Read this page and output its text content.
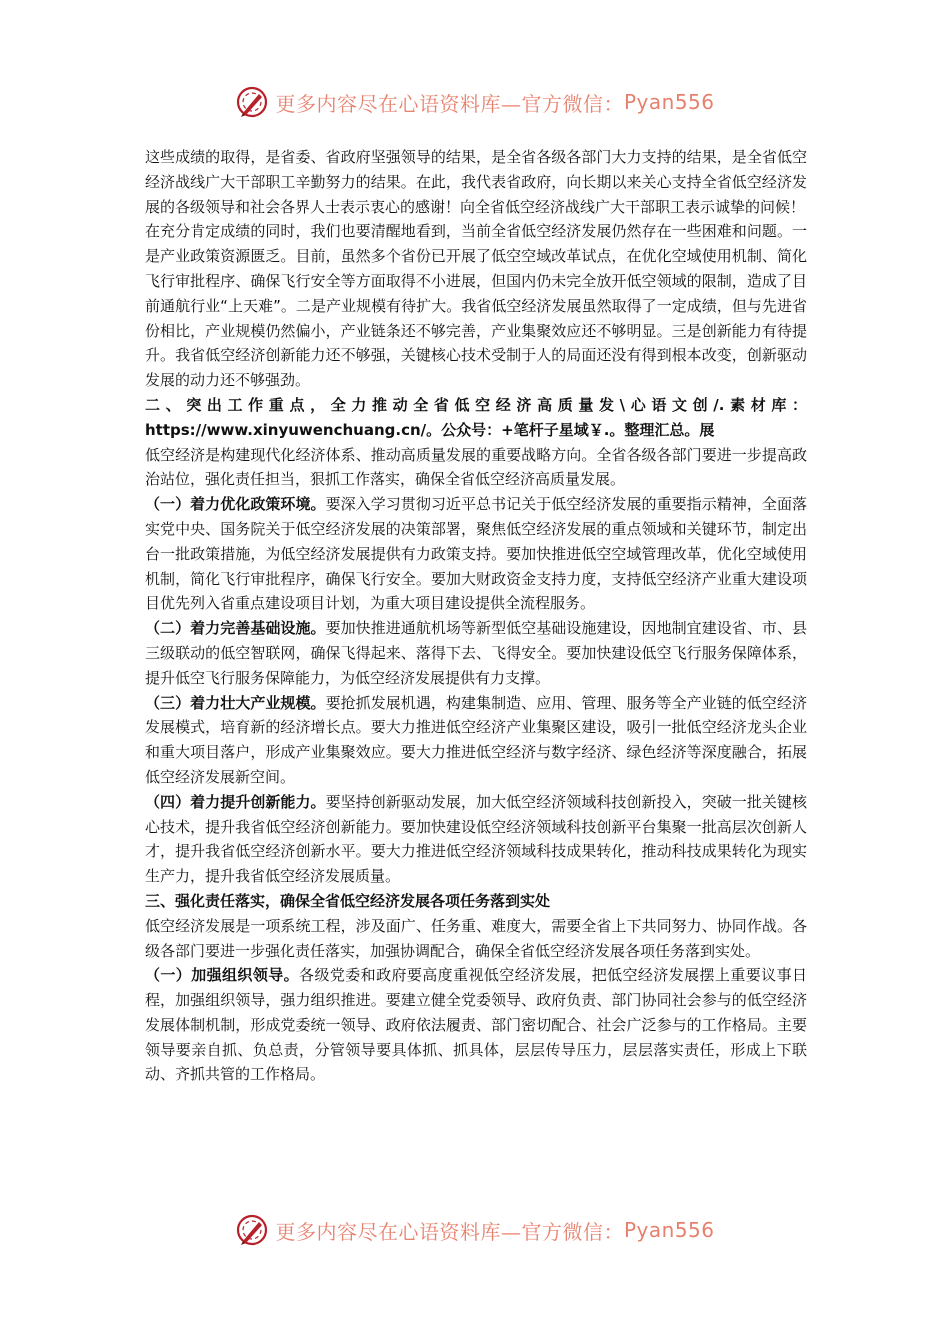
更多内容尽在心语资料库—官方微信： Pyan556

这些成绩的取得，是省委、省政府坚强领导的结果，是全省各级各部门大力支持的结果，是全省低空经济战线广大干部职工辛勤努力的结果。在此，我代表省政府，向长期以来关心支持全省低空经济发展的各级领导和社会各界人士表示衷心的感谢！向全省低空经济战线广大干部职工表示诚挚的问候！

在充分肯定成绩的同时，我们也要清醒地看到，当前全省低空经济发展仍然存在一些困难和问题。一是产业政策资源匮乏。目前，虽然多个省份已开展了低空空域改革试点，在优化空域使用机制、简化飞行审批程序、确保飞行安全等方面取得不小进展，但国内仍未完全放开低空领域的限制，造成了目前通航行业“上天难”。二是产业规模有待扩大。我省低空经济发展虽然取得了一定成绩，但与先进省份相比，产业规模仍然偏小，产业链条还不够完善，产业集聚效应还不够明显。三是创新能力有待提升。我省低空经济创新能力还不够强，关键核心技术受制于人的局面还没有得到根本改变，创新驱动发展的动力还不够强劲。

二、突出工作重点，全力推动全省低空经济高质量发\心语文创/.素材库：https://www.xinyuwenchuang.cn/。公众号：+笔杆子星域￥.。整理汇总。展

低空经济是构建现代化经济体系、推动高质量发展的重要战略方向。全省各级各部门要进一步提高政治站位，强化责任担当，狠抓工作落实，确保全省低空经济高质量发展。

（一）着力优化政策环境。要深入学习贯彻习近平总书记关于低空经济发展的重要指示精神，全面落实党中央、国务院关于低空经济发展的决策部署，聚焦低空经济发展的重点领域和关键环节，制定出台一批政策措施，为低空经济发展提供有力政策支持。要加快推进低空空域管理改革，优化空域使用机制，简化飞行审批程序，确保飞行安全。要加大财政资金支持力度，支持低空经济产业重大建设项目优先列入省重点建设项目计划，为重大项目建设提供全流程服务。

（二）着力完善基础设施。要加快推进通航机场等新型低空基础设施建设，因地制宜建设省、市、县三级联动的低空智联网，确保飞得起来、落得下去、飞得安全。要加快建设低空飞行服务保障体系，提升低空飞行服务保障能力，为低空经济发展提供有力支撑。

（三）着力壮大产业规模。要抢抓发展机遇，构建集制造、应用、管理、服务等全产业链的低空经济发展模式，培育新的经济增长点。要大力推进低空经济产业集聚区建设，吸引一批低空经济龙头企业和重大项目落户，形成产业集聚效应。要大力推进低空经济与数字经济、绿色经济等深度融合，拓展低空经济发展新空间。

（四）着力提升创新能力。要坚持创新驱动发展，加大低空经济领域科技创新投入，突破一批关键核心技术，提升我省低空经济创新能力。要加快建设低空经济领域科技创新平台集聚一批高层次创新人才，提升我省低空经济创新水平。要大力推进低空经济领域科技成果转化，推动科技成果转化为现实生产力，提升我省低空经济发展质量。

三、强化责任落实，确保全省低空经济发展各项任务落到实处

低空经济发展是一项系统工程，涉及面广、任务重、难度大，需要全省上下共同努力、协同作战。各级各部门要进一步强化责任落实，加强协调配合，确保全省低空经济发展各项任务落到实处。

（一）加强组织领导。各级党委和政府要高度重视低空经济发展，把低空经济发展摆上重要议事日程，加强组织领导，强力组织推进。要建立健全党委领导、政府负责、部门协同社会参与的低空经济发展体制机制，形成党委统一领导、政府依法履责、部门密切配合、社会广泛参与的工作格局。主要领导要亲自抓、负总责，分管领导要具体抓、抓具体，层层传导压力，层层落实责任，形成上下联动、齐抓共管的工作格局。

更多内容尽在心语资料库—官方微信： Pyan556
